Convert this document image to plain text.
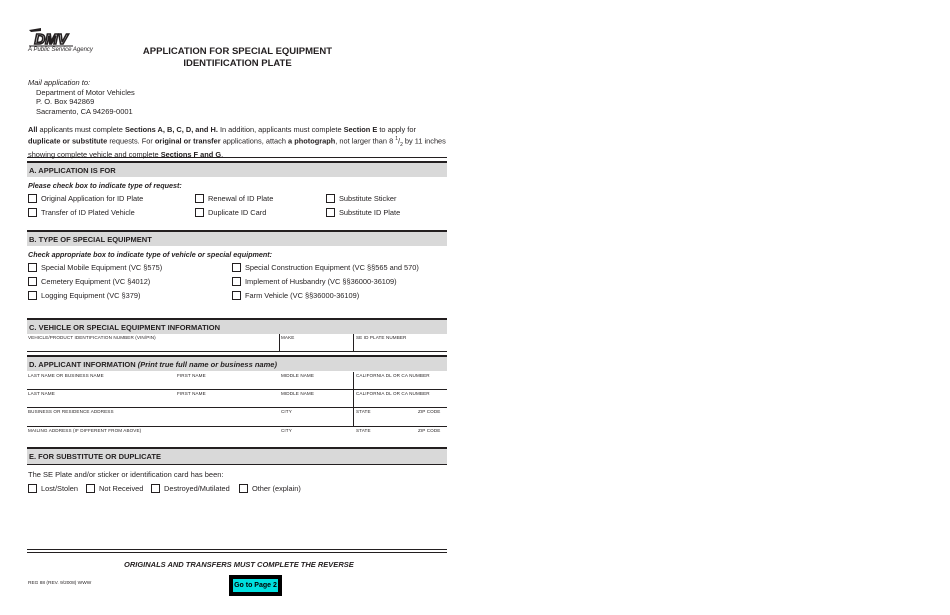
DMV
A Public Service Agency	APPLICATION FOR SPECIAL EQUIPMENT
IDENTIFICATION PLATE
Mail application to:
Department of Motor Vehicles
P. O. Box 942869
Sacramento, CA 94269-0001
All applicants must complete Sections A, B, C, D, and H. In addition, applicants must complete Section E to apply for duplicate or substitute requests. For original or transfer applications, attach a photograph, not larger than 8 $^1/_2$ by 11 inches showing complete vehicle and complete Sections F and G.
A. APPLICATION IS FOR
Please check box to indicate type of request:
Original Application for ID Plate	Renewal of ID Plate	Substitute Sticker
Transfer of ID Plated Vehicle	Duplicate ID Card	Substitute ID Plate
B. TYPE OF SPECIAL EQUIPMENT
Check appropriate box to indicate type of vehicle or special equipment:
Special Mobile Equipment (VC §575)	Special Construction Equipment (VC §§565 and 570)
Cemetery Equipment (VC §4012)	Implement of Husbandry (VC §§36000-36109)
Logging Equipment (VC §379)	Farm Vehicle (VC §§36000-36109)
C. VEHICLE OR SPECIAL EQUIPMENT INFORMATION
VEHICLE/PRODUCT IDENTIFICATION NUMBER (VIN/PIN)	MAKE	SE ID PLATE NUMBER
D. APPLICANT INFORMATION (Print true full name or business name)
LAST NAME OR BUSINESS NAME	FIRST NAME	MIDDLE NAME	CALIFORNIA DL OR CA NUMBER
LAST NAME	FIRST NAME	MIDDLE NAME	CALIFORNIA DL OR CA NUMBER
BUSINESS OR RESIDENCE ADDRESS	CITY	STATE	ZIP CODE
MAILING ADDRESS (IF DIFFERENT FROM ABOVE)	CITY	STATE	ZIP CODE
E. FOR SUBSTITUTE OR DUPLICATE
The SE Plate and/or sticker or identification card has been:
Lost/Stolen	Not Received	Destroyed/Mutilated	Other (explain)
ORIGINALS AND TRANSFERS MUST COMPLETE THE REVERSE
REG 88 (REV. 9/2008) WWW	Go to Page 2
